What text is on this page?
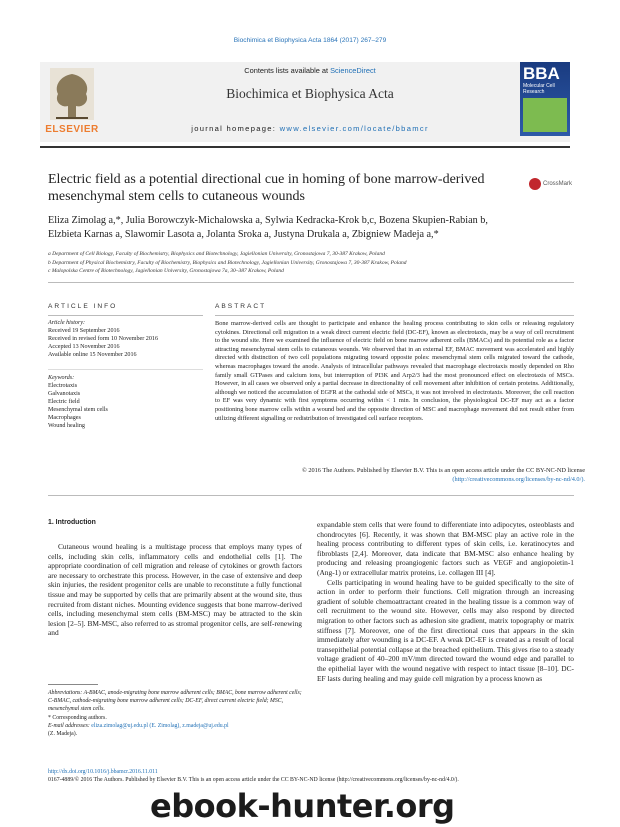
Biochimica et Biophysica Acta 1864 (2017) 267–279
ELSEVIER
Contents lists available at ScienceDirect
Biochimica et Biophysica Acta
journal homepage: www.elsevier.com/locate/bbamcr
BBA
Molecular Cell Research
Electric field as a potential directional cue in homing of bone marrow-derived mesenchymal stem cells to cutaneous wounds
CrossMark
Eliza Zimolag a,*, Julia Borowczyk-Michalowska a, Sylwia Kedracka-Krok b,c, Bozena Skupien-Rabian b,
Elzbieta Karnas a, Slawomir Lasota a, Jolanta Sroka a, Justyna Drukala a, Zbigniew Madeja a,*
a Department of Cell Biology, Faculty of Biochemistry, Biophysics and Biotechnology, Jagiellonian University, Gronostajowa 7, 30-387 Krakow, Poland
b Department of Physical Biochemistry, Faculty of Biochemistry, Biophysics and Biotechnology, Jagiellonian University, Gronostajowa 7, 30-387 Krakow, Poland
c Malopolska Centre of Biotechnology, Jagiellonian University, Gronostajowa 7a, 30–387 Krakow, Poland
ARTICLE INFO	ABSTRACT
Article history:
Received 19 September 2016
Received in revised form 10 November 2016
Accepted 13 November 2016
Available online 15 November 2016
Keywords:
Electrotaxis
Galvanotaxis
Electric field
Mesenchymal stem cells
Macrophages
Wound healing
Bone marrow-derived cells are thought to participate and enhance the healing process contributing to skin cells or releasing regulatory cytokines. Directional cell migration in a weak direct current electric field (DC-EF), known as electrotaxis, may be a way of cell recruitment to the wound site. Here we examined the influence of electric field on bone marrow adherent cells (BMACs) and its potential role as a factor attracting mesenchymal stem cells to cutaneous wounds. We observed that in an external EF, BMAC movement was accelerated and highly directed with distinction of two cell populations migrating toward opposite poles: mesenchymal stem cells migrated toward the cathode, whereas macrophages toward the anode. Analysis of intracellular pathways revealed that macrophage electrotaxis mostly depended on Rho family small GTPases and calcium ions, but interruption of PI3K and Arp2/3 had the most pronounced effect on electrotaxis of MSCs. However, in all cases we observed only a partial decrease in directionality of cell movement after inhibition of certain proteins. Additionally, although we noticed the accumulation of EGFR at the cathodal side of MSCs, it was not involved in electrotaxis. Moreover, the cell reaction to EF was very dynamic with first symptoms occurring within < 1 min. In conclusion, the physiological DC-EF may act as a factor positioning bone marrow cells within a wound bed and the opposite direction of MSC and macrophage movement did not result either from utilizing different signalling or redistribution of investigated cell surface receptors.
© 2016 The Authors. Published by Elsevier B.V. This is an open access article under the CC BY-NC-ND license
(http://creativecommons.org/licenses/by-nc-nd/4.0/).
1. Introduction

Cutaneous wound healing is a multistage process that employs many types of cells, including skin cells, inflammatory cells and endothelial cells [1]. The appropriate coordination of cell migration and release of cytokines or growth factors are necessary to orchestrate this process. However, in the case of extensive and deep skin injuries, the resident progenitor cells are unable to reconstitute a fully functional tissue and may be supported by cells that are primarily absent at the wound site, thus recruited from distant niches. Mounting evidence suggests that bone marrow-derived cells, including mesenchymal stem cells (BM-MSC) may be attracted to the skin lesion [2–5]. BM-MSC, also referred to as stromal progenitor cells, are self-renewing and

expandable stem cells that were found to differentiate into adipocytes, osteoblasts and chondrocytes [6]. Recently, it was shown that BM-MSC play an active role in the healing process contributing to different types of skin cells, i.e. keratinocytes and fibroblasts [2,4]. Moreover, data indicate that BM-MSC also enhance healing by producing and releasing proangiogenic factors such as VEGF and angiopoietin-1 (Ang-1) or extracellular matrix proteins, i.e. collagen III [4].

Cells participating in wound healing have to be guided specifically to the site of action in order to perform their functions. Cell migration through an increasing gradient of soluble chemoattractant created in the healing tissue is a common way of cell recruitment to the wound site. However, cells may also respond by directed migration to other factors such as adhesion site gradient, matrix topography or matrix stiffness [7]. Moreover, one of the first directional cues that appears in the skin immediately after wounding is a DC-EF. A weak DC-EF is created as a result of local transepithelial potential collapse at the breached epithelium. This gives rise to a steady voltage gradient of 40–200 mV/mm directed toward the wound edge and parallel to the epithelial layer with the wound negative with respect to intact tissue [8–10]. DC-EF lasts during healing and may guide cell migration by a process known as

Abbreviations: A-BMAC, anode-migrating bone marrow adherent cells; BMAC, bone marrow adherent cells; C-BMAC, cathode-migrating bone marrow adherent cells; DC-EF, direct current electric field; MSC, mesenchymal stem cells.
* Corresponding authors.
E-mail addresses: eliza.zimolag@uj.edu.pl (E. Zimolag), z.madeja@uj.edu.pl
(Z. Madeja).
http://dx.doi.org/10.1016/j.bbamcr.2016.11.011
0167-4889/© 2016 The Authors. Published by Elsevier B.V. This is an open access article under the CC BY-NC-ND license (http://creativecommons.org/licenses/by-nc-nd/4.0/).
ebook-hunter.org
